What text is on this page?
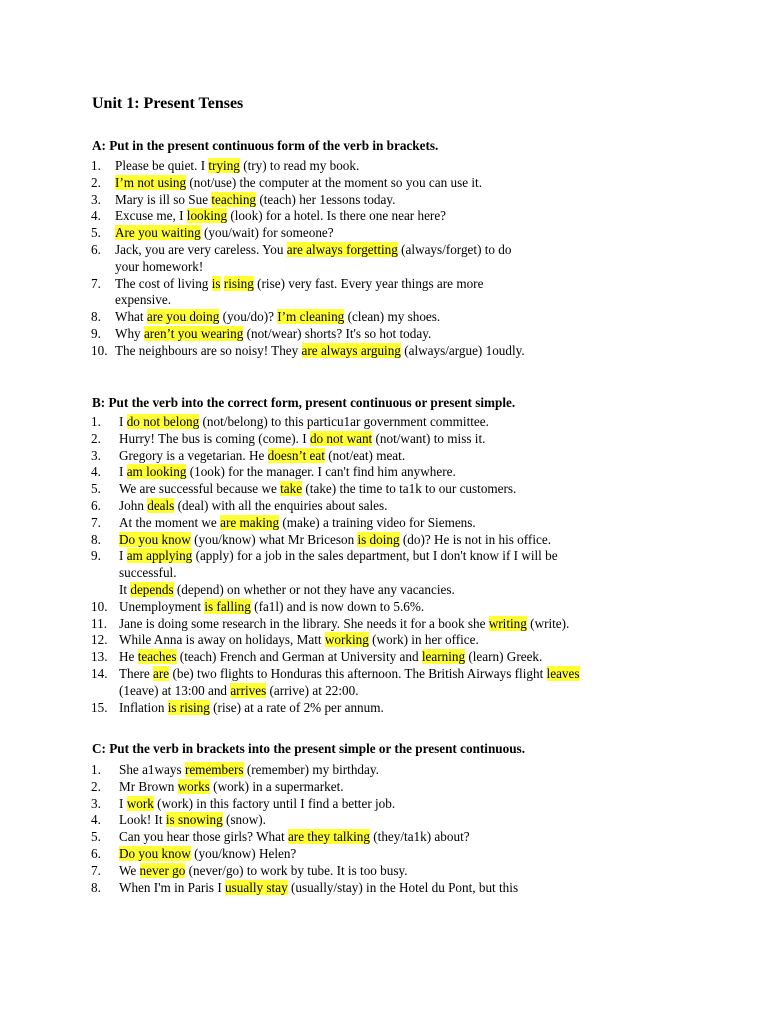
Unit 1: Present Tenses
A: Put in the present continuous form of the verb in brackets.
1. Please be quiet. I trying (try) to read my book.
2. I’m not using (not/use) the computer at the moment so you can use it.
3. Mary is ill so Sue teaching (teach) her 1essons today.
4. Excuse me, I looking (look) for a hotel. Is there one near here?
5. Are you waiting (you/wait) for someone?
6. Jack, you are very careless. You are always forgetting (always/forget) to do
your homework!
7. The cost of living is rising (rise) very fast. Every year things are more
expensive.
8. What are you doing (you/do)? I’m cleaning (clean) my shoes.
9. Why aren’t you wearing (not/wear) shorts? It's so hot today.
10. The neighbours are so noisy! They are always arguing (always/argue) 1oudly.
B: Put the verb into the correct form, present continuous or present simple.
1. I do not belong (not/belong) to this particu1ar government committee.
2. Hurry! The bus is coming (come). I do not want (not/want) to miss it.
3. Gregory is a vegetarian. He doesn’t eat (not/eat) meat.
4. I am looking (1ook) for the manager. I can't find him anywhere.
5. We are successful because we take (take) the time to ta1k to our customers.
6. John deals (deal) with all the enquiries about sales.
7. At the moment we are making (make) a training video for Siemens.
8. Do you know (you/know) what Mr Briceson is doing (do)? He is not in his office.
9. I am applying (apply) for a job in the sales department, but I don't know if I will be
successful.
It depends (depend) on whether or not they have any vacancies.
10. Unemployment is falling (fa1l) and is now down to 5.6%.
11. Jane is doing some research in the library. She needs it for a book she writing (write).
12. While Anna is away on holidays, Matt working (work) in her office.
13. He teaches (teach) French and German at University and learning (learn) Greek.
14. There are (be) two flights to Honduras this afternoon. The British Airways flight leaves
(1eave) at 13:00 and arrives (arrive) at 22:00.
15. Inflation is rising (rise) at a rate of 2% per annum.
C: Put the verb in brackets into the present simple or the present continuous.
1. She a1ways remembers (remember) my birthday.
2. Mr Brown works (work) in a supermarket.
3. I work (work) in this factory until I find a better job.
4. Look! It is snowing (snow).
5. Can you hear those girls? What are they talking (they/ta1k) about?
6. Do you know (you/know) Helen?
7. We never go (never/go) to work by tube. It is too busy.
8. When I'm in Paris I usually stay (usually/stay) in the Hotel du Pont, but this
